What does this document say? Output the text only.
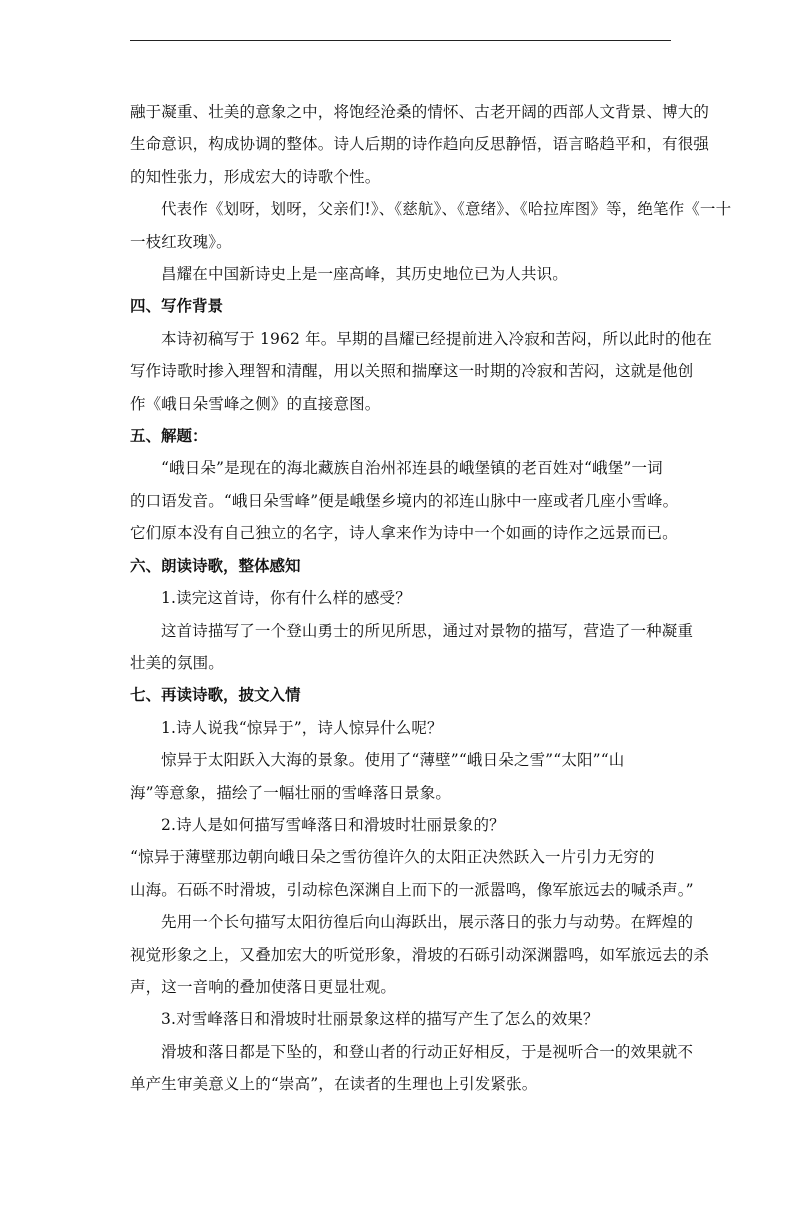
融于凝重、壮美的意象之中，将饱经沧桑的情怀、古老开阔的西部人文背景、博大的
生命意识，构成协调的整体。诗人后期的诗作趋向反思静悟，语言略趋平和，有很强
的知性张力，形成宏大的诗歌个性。

代表作《划呀，划呀，父亲们!》、《慈航》、《意绪》、《哈拉库图》等，绝笔作《一十
一枝红玫瑰》。

昌耀在中国新诗史上是一座高峰，其历史地位已为人共识。

四、写作背景

本诗初稿写于 1962 年。早期的昌耀已经提前进入冷寂和苦闷，所以此时的他在
写作诗歌时掺入理智和清醒，用以关照和揣摩这一时期的冷寂和苦闷，这就是他创
作《峨日朵雪峰之侧》的直接意图。

五、解题：

“峨日朵”是现在的海北藏族自治州祁连县的峨堡镇的老百姓对“峨堡”一词
的口语发音。“峨日朵雪峰”便是峨堡乡境内的祁连山脉中一座或者几座小雪峰。
它们原本没有自己独立的名字，诗人拿来作为诗中一个如画的诗作之远景而已。

六、朗读诗歌，整体感知

1.读完这首诗，你有什么样的感受？

这首诗描写了一个登山勇士的所见所思，通过对景物的描写，营造了一种凝重
壮美的氛围。

七、再读诗歌，披文入情

1.诗人说我“惊异于”，诗人惊异什么呢？

惊异于太阳跃入大海的景象。使用了“薄壁”“峨日朵之雪”“太阳”“山
海”等意象，描绘了一幅壮丽的雪峰落日景象。

2.诗人是如何描写雪峰落日和滑坡时壮丽景象的？

“惊异于薄壁那边朝向峨日朵之雪彷徨许久的太阳正决然跃入一片引力无穷的
山海。石砾不时滑坡，引动棕色深渊自上而下的一派嚣鸣，像军旅远去的喊杀声。”

先用一个长句描写太阳彷徨后向山海跃出，展示落日的张力与动势。在辉煌的
视觉形象之上，又叠加宏大的听觉形象，滑坡的石砾引动深渊嚣鸣，如军旅远去的杀
声，这一音响的叠加使落日更显壮观。

3.对雪峰落日和滑坡时壮丽景象这样的描写产生了怎么的效果？

滑坡和落日都是下坠的，和登山者的行动正好相反，于是视听合一的效果就不
单产生审美意义上的“崇高”，在读者的生理也上引发紧张。
